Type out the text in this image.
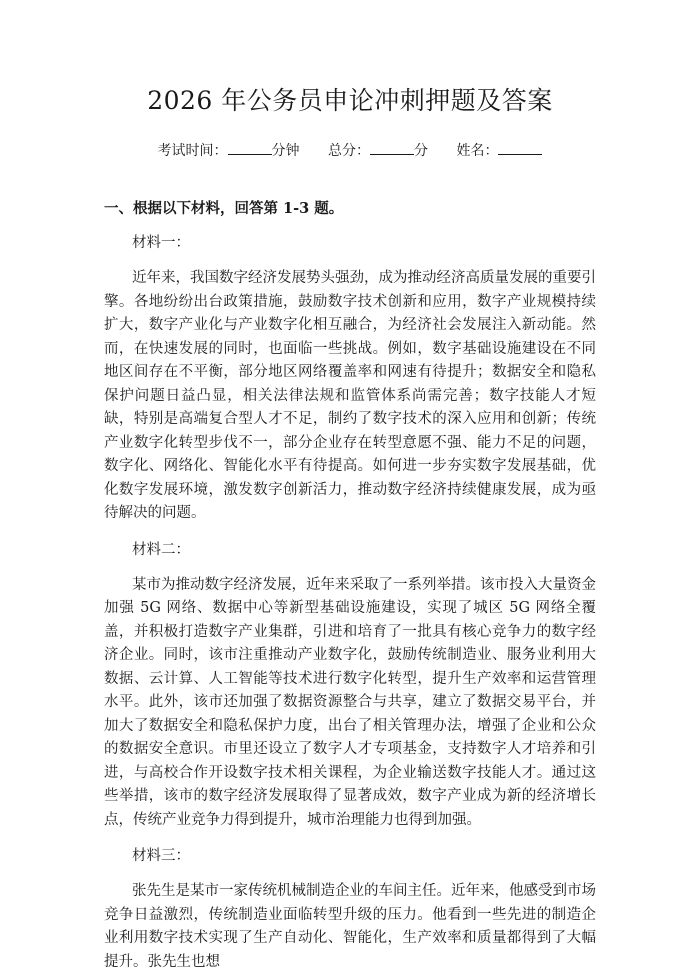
2026 年公务员申论冲刺押题及答案
考试时间：	分钟 总分：	分 姓名：
一、根据以下材料，回答第 1-3 题。
材料一：

近年来，我国数字经济发展势头强劲，成为推动经济高质量发展的重要引擎。各地纷纷出台政策措施，鼓励数字技术创新和应用，数字产业规模持续扩大，数字产业化与产业数字化相互融合，为经济社会发展注入新动能。然而，在快速发展的同时，也面临一些挑战。例如，数字基础设施建设在不同地区间存在不平衡，部分地区网络覆盖率和网速有待提升；数据安全和隐私保护问题日益凸显，相关法律法规和监管体系尚需完善；数字技能人才短缺，特别是高端复合型人才不足，制约了数字技术的深入应用和创新；传统产业数字化转型步伐不一，部分企业存在转型意愿不强、能力不足的问题，数字化、网络化、智能化水平有待提高。如何进一步夯实数字发展基础，优化数字发展环境，激发数字创新活力，推动数字经济持续健康发展，成为亟待解决的问题。

材料二：

某市为推动数字经济发展，近年来采取了一系列举措。该市投入大量资金加强 5G 网络、数据中心等新型基础设施建设，实现了城区 5G 网络全覆盖，并积极打造数字产业集群，引进和培育了一批具有核心竞争力的数字经济企业。同时，该市注重推动产业数字化，鼓励传统制造业、服务业利用大数据、云计算、人工智能等技术进行数字化转型，提升生产效率和运营管理水平。此外，该市还加强了数据资源整合与共享，建立了数据交易平台，并加大了数据安全和隐私保护力度，出台了相关管理办法，增强了企业和公众的数据安全意识。市里还设立了数字人才专项基金，支持数字人才培养和引进，与高校合作开设数字技术相关课程，为企业输送数字技能人才。通过这些举措，该市的数字经济发展取得了显著成效，数字产业成为新的经济增长点，传统产业竞争力得到提升，城市治理能力也得到加强。

材料三：

张先生是某市一家传统机械制造企业的车间主任。近年来，他感受到市场竞争日益激烈，传统制造业面临转型升级的压力。他看到一些先进的制造企业利用数字技术实现了生产自动化、智能化，生产效率和质量都得到了大幅提升。张先生也想
